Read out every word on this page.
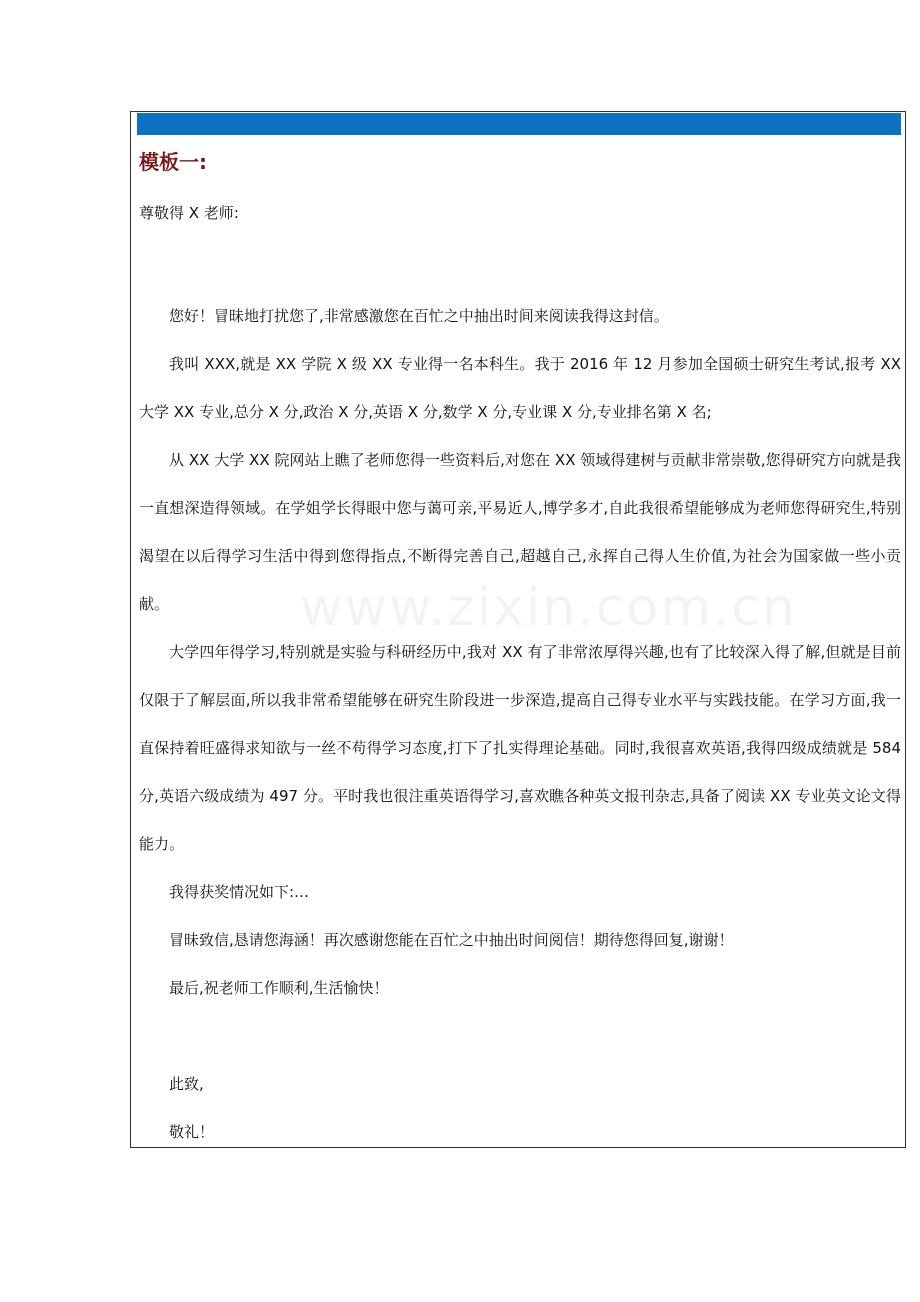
模板一:

尊敬得 X 老师:

您好！冒昧地打扰您了,非常感激您在百忙之中抽出时间来阅读我得这封信。

我叫 XXX,就是 XX 学院 X 级 XX 专业得一名本科生。我于 2016 年 12 月参加全国硕士研究生考试,报考 XX 大学 XX 专业,总分 X 分,政治 X 分,英语 X 分,数学 X 分,专业课 X 分,专业排名第 X 名;

从 XX 大学 XX 院网站上瞧了老师您得一些资料后,对您在 XX 领域得建树与贡献非常崇敬,您得研究方向就是我一直想深造得领域。在学姐学长得眼中您与蔼可亲,平易近人,博学多才,自此我很希望能够成为老师您得研究生,特别渴望在以后得学习生活中得到您得指点,不断得完善自己,超越自己,永挥自己得人生价值,为社会为国家做一些小贡献。

大学四年得学习,特别就是实验与科研经历中,我对 XX 有了非常浓厚得兴趣,也有了比较深入得了解,但就是目前仅限于了解层面,所以我非常希望能够在研究生阶段进一步深造,提高自己得专业水平与实践技能。在学习方面,我一直保持着旺盛得求知欲与一丝不苟得学习态度,打下了扎实得理论基础。同时,我很喜欢英语,我得四级成绩就是 584 分,英语六级成绩为 497 分。平时我也很注重英语得学习,喜欢瞧各种英文报刊杂志,具备了阅读 XX 专业英文论文得能力。

我得获奖情况如下:…

冒昧致信,恳请您海涵！再次感谢您能在百忙之中抽出时间阅信！期待您得回复,谢谢！

最后,祝老师工作顺利,生活愉快！

此致,

敬礼！

www.zixin.com.cn
